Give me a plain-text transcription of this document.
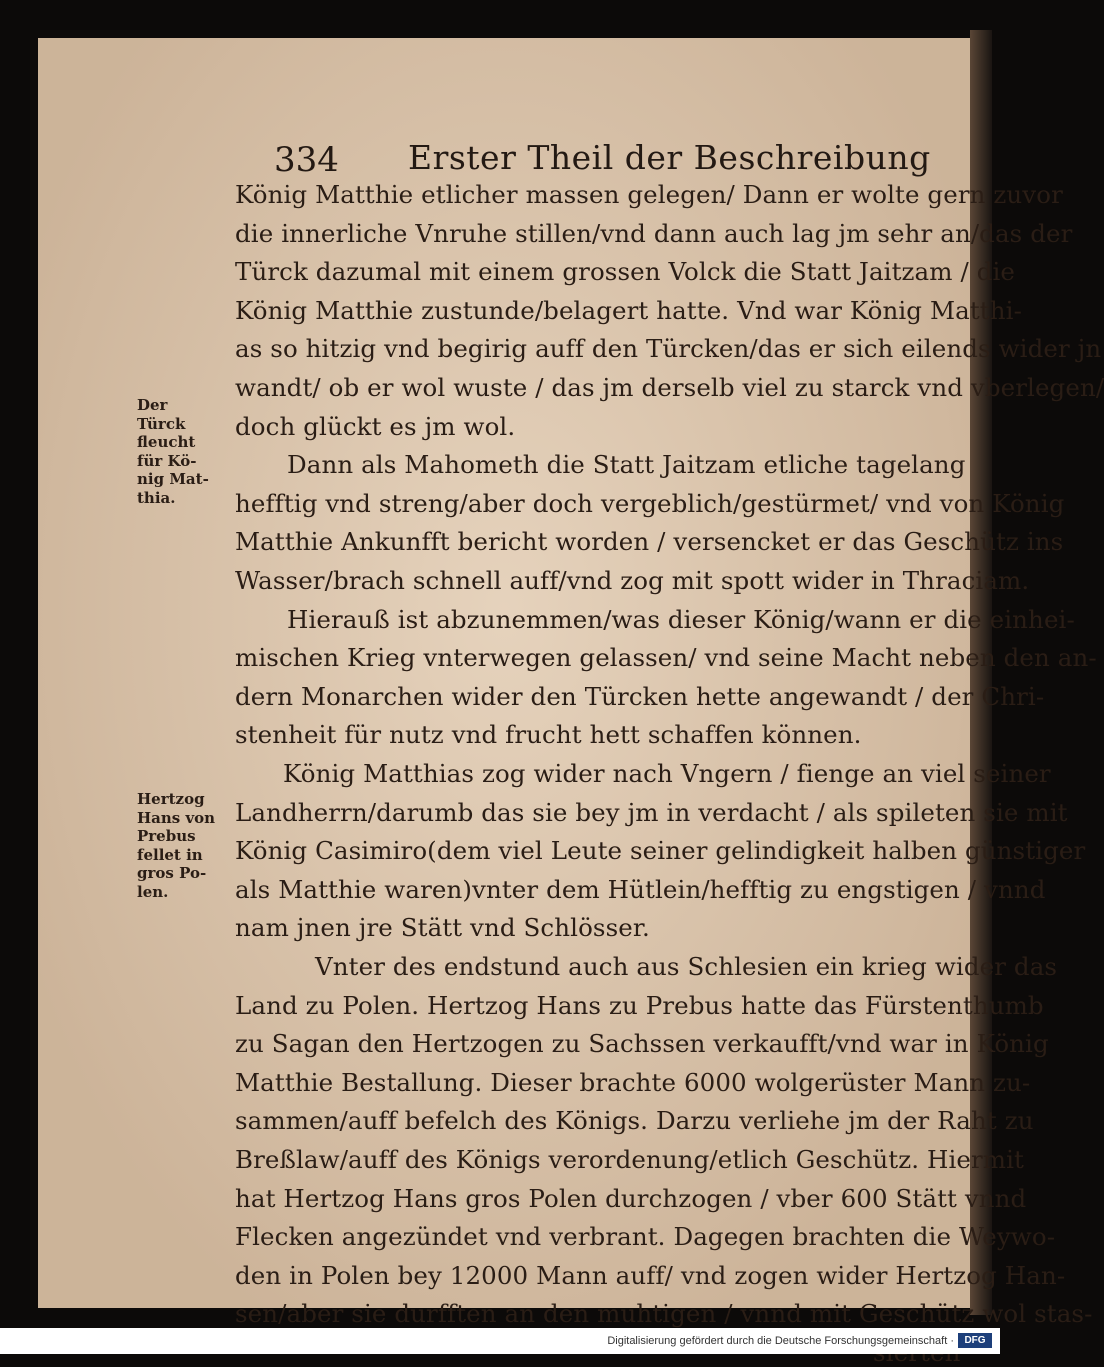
334 Erster Theil der Beschreibung
König Matthie etlicher massen gelegen/ Dann er wolte gern zuvor
die innerliche Vnruhe stillen/vnd dann auch lag jm sehr an/das der
Türck dazumal mit einem grossen Volck die Statt Jaitzam / die
König Matthie zustunde/belagert hatte. Vnd war König Matthi-
as so hitzig vnd begirig auff den Türcken/das er sich eilends wider jn
wandt/ ob er wol wuste / das jm derselb viel zu starck vnd vberlegen/
doch glückt es jm wol.
Dann als Mahometh die Statt Jaitzam etliche tagelang
hefftig vnd streng/aber doch vergeblich/gestürmet/ vnd von König
Matthie Ankunfft bericht worden / versencket er das Geschütz ins
Wasser/brach schnell auff/vnd zog mit spott wider in Thraciam.
Hierauß ist abzunemmen/was dieser König/wann er die einhei-
mischen Krieg vnterwegen gelassen/ vnd seine Macht neben den an-
dern Monarchen wider den Türcken hette angewandt / der Chri-
stenheit für nutz vnd frucht hett schaffen können.
König Matthias zog wider nach Vngern / fienge an viel seiner
Landherrn/darumb das sie bey jm in verdacht / als spileten sie mit
König Casimiro(dem viel Leute seiner gelindigkeit halben günstiger
als Matthie waren)vnter dem Hütlein/hefftig zu engstigen / vnnd
nam jnen jre Stätt vnd Schlösser.
Vnter des endstund auch aus Schlesien ein krieg wider das
Land zu Polen. Hertzog Hans zu Prebus hatte das Fürstenthumb
zu Sagan den Hertzogen zu Sachssen verkaufft/vnd war in König
Matthie Bestallung. Dieser brachte 6000 wolgerüster Mann zu-
sammen/auff befelch des Königs. Darzu verliehe jm der Raht zu
Breßlaw/auff des Königs verordenung/etlich Geschütz. Hiermit
hat Hertzog Hans gros Polen durchzogen / vber 600 Stätt vnnd
Flecken angezündet vnd verbrant. Dagegen brachten die Weywo-
den in Polen bey 12000 Mann auff/ vnd zogen wider Hertzog Han-
sen/aber sie durfften an den muhtigen / vnnd mit Geschütz wol stas-
Der
Türck
fleucht
für Kö-
nig Mat-
thia.
Hertzog
Hans von
Prebus
fellet in
gros Po-
len.
Digitalisierung gefördert durch die Deutsche Forschungsgemeinschaft ·	DFG
